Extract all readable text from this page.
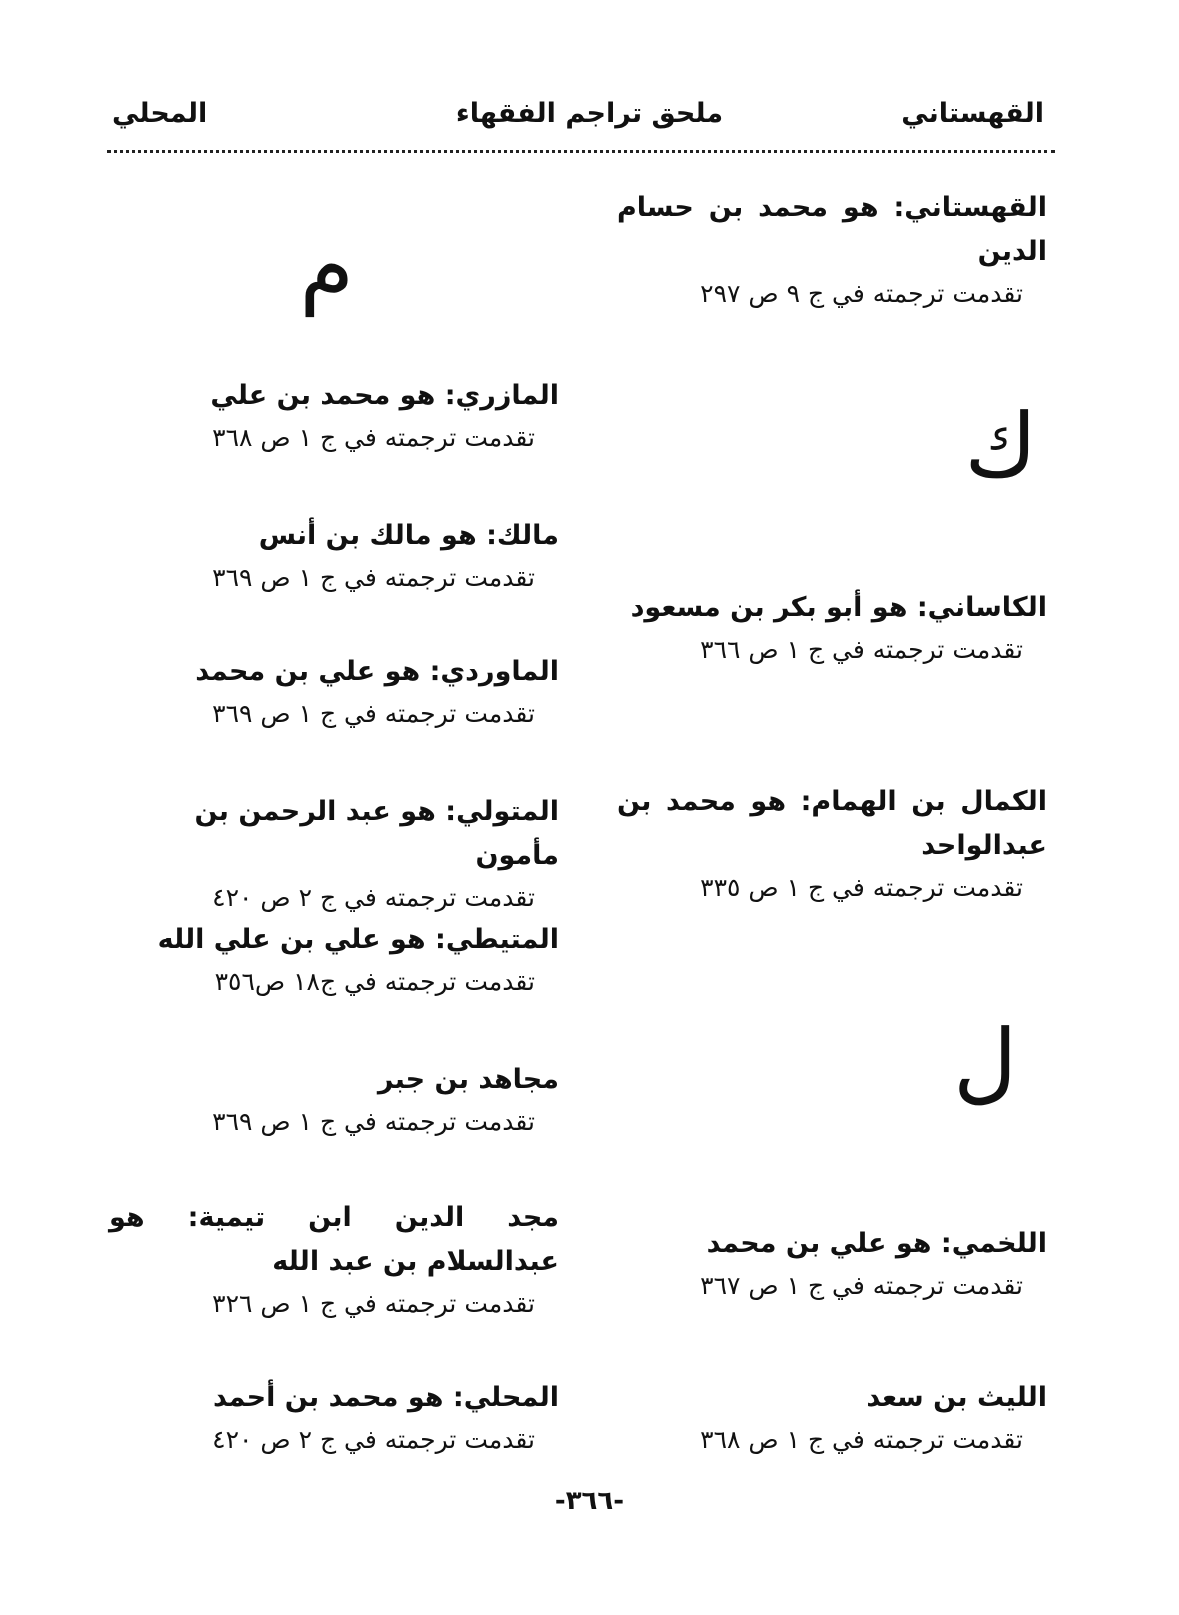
القهستاني
ملحق تراجم الفقهاء
المحلي
القهستاني: هو محمد بن حسام الدين
تقدمت ترجمته في ج ٩ ص ٢٩٧
ك
الكاساني: هو أبو بكر بن مسعود
تقدمت ترجمته في ج ١ ص ٣٦٦
الكمال بن الهمام: هو محمد بن عبدالواحد
تقدمت ترجمته في ج ١ ص ٣٣٥
ل
اللخمي: هو علي بن محمد
تقدمت ترجمته في ج ١ ص ٣٦٧
الليث بن سعد
تقدمت ترجمته في ج ١ ص ٣٦٨
م
المازري: هو محمد بن علي
تقدمت ترجمته في ج ١ ص ٣٦٨
مالك: هو مالك بن أنس
تقدمت ترجمته في ج ١ ص ٣٦٩
الماوردي: هو علي بن محمد
تقدمت ترجمته في ج ١ ص ٣٦٩
المتولي: هو عبد الرحمن بن مأمون
تقدمت ترجمته في ج ٢ ص ٤٢٠
المتيطي: هو علي بن علي الله
تقدمت ترجمته في ج١٨ ص٣٥٦
مجاهد بن جبر
تقدمت ترجمته في ج ١ ص ٣٦٩
مجد الدين ابن تيمية: هو عبدالسلام بن عبد الله
تقدمت ترجمته في ج ١ ص ٣٢٦
المحلي: هو محمد بن أحمد
تقدمت ترجمته في ج ٢ ص ٤٢٠
-٣٦٦-
